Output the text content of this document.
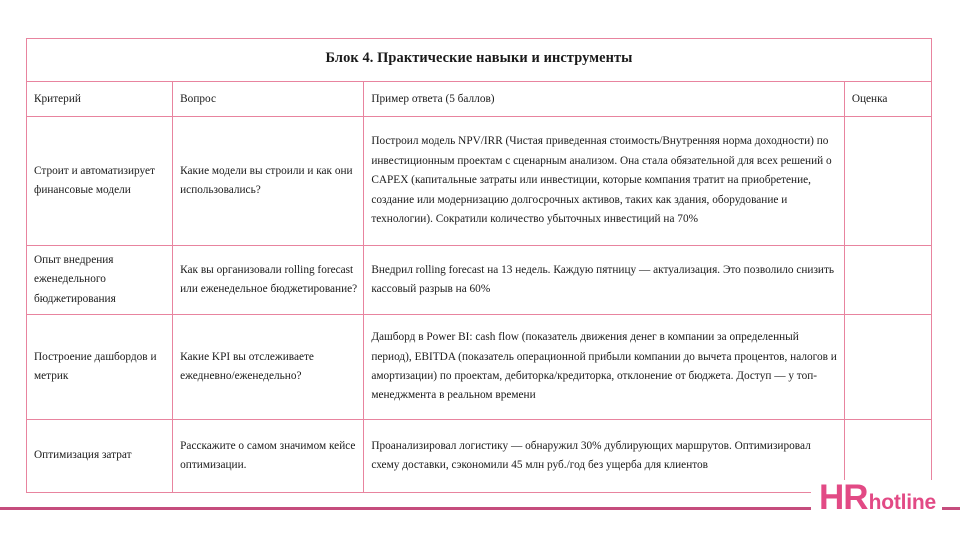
Блок 4. Практические навыки и инструменты			
Критерий	Вопрос	Пример ответа (5 баллов)	Оценка
Строит и автоматизирует финансовые модели	Какие модели вы строили и как они использовались?	Построил модель NPV/IRR (Чистая приведенная стоимость/Внутренняя норма доходности) по инвестиционным проектам с сценарным анализом. Она стала обязательной для всех решений о CAPEX (капитальные затраты или инвестиции, которые компания тратит на приобретение, создание или модернизацию долгосрочных активов, таких как здания, оборудование и технологии). Сократили количество убыточных инвестиций на 70%	
Опыт внедрения еженедельного бюджетирования	Как вы организовали rolling forecast или еженедельное бюджетирование?	Внедрил rolling forecast на 13 недель. Каждую пятницу — актуализация. Это позволило снизить кассовый разрыв на 60%	
Построение дашбордов и метрик	Какие KPI вы отслеживаете ежедневно/еженедельно?	Дашборд в Power BI: cash flow (показатель движения денег в компании за определенный период), EBITDA (показатель операционной прибыли компании до вычета процентов, налогов и амортизации) по проектам, дебиторка/кредиторка, отклонение от бюджета. Доступ — у топ-менеджмента в реальном времени	
Оптимизация затрат	Расскажите о самом значимом кейсе оптимизации.	Проанализировал логистику — обнаружил 30% дублирующих маршрутов. Оптимизировал схему доставки, сэкономили 45 млн руб./год без ущерба для клиентов	
HR hotline
